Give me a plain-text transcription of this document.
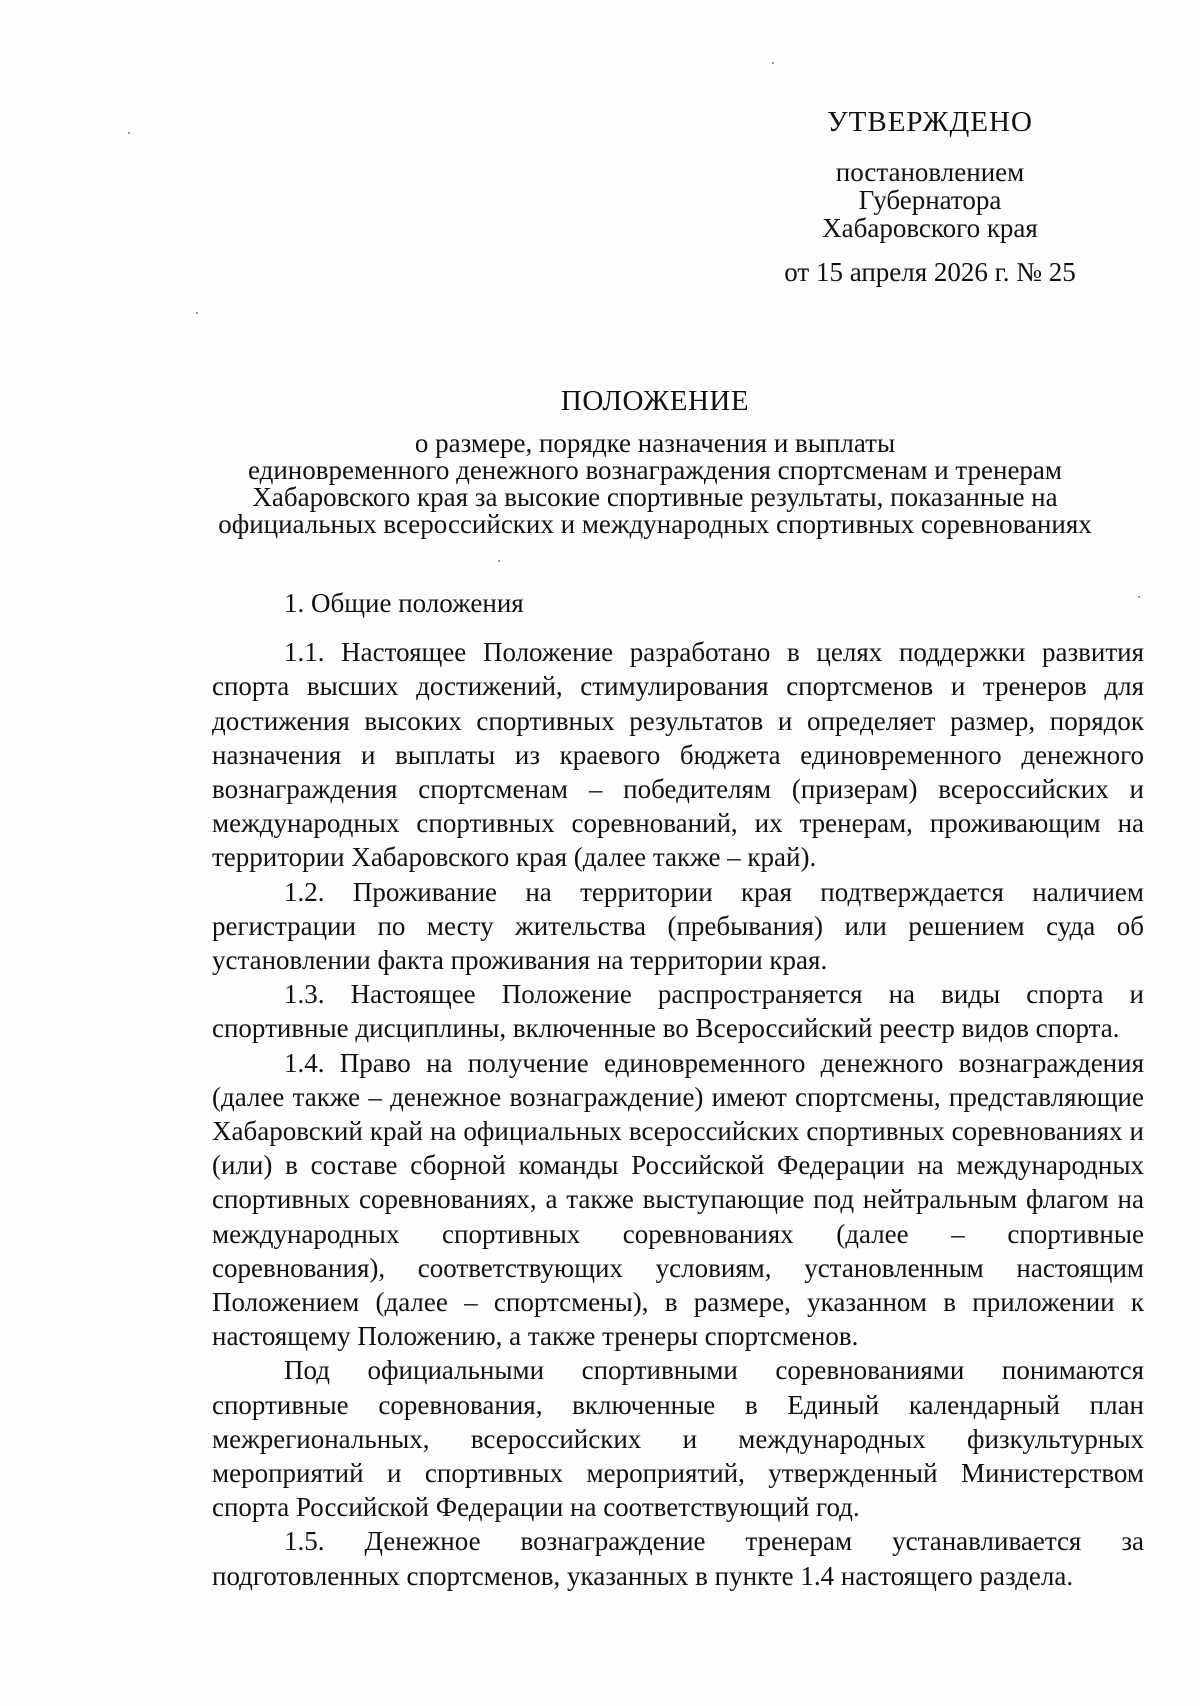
УТВЕРЖДЕНО
постановлением
Губернатора
Хабаровского края
от 15 апреля 2026 г. № 25
ПОЛОЖЕНИЕ
о размере, порядке назначения и выплаты
единовременного денежного вознаграждения спортсменам и тренерам
Хабаровского края за высокие спортивные результаты, показанные на
официальных всероссийских и международных спортивных соревнованиях
1. Общие положения

1.1. Настоящее Положение разработано в целях поддержки развития спорта высших достижений, стимулирования спортсменов и тренеров для достижения высоких спортивных результатов и определяет размер, порядок назначения и выплаты из краевого бюджета единовременного денежного вознаграждения спортсменам – победителям (призерам) всероссийских и международных спортивных соревнований, их тренерам, проживающим на территории Хабаровского края (далее также – край).

1.2. Проживание на территории края подтверждается наличием регистрации по месту жительства (пребывания) или решением суда об установлении факта проживания на территории края.

1.3. Настоящее Положение распространяется на виды спорта и спортивные дисциплины, включенные во Всероссийский реестр видов спорта.

1.4. Право на получение единовременного денежного вознаграждения (далее также – денежное вознаграждение) имеют спортсмены, представляющие Хабаровский край на официальных всероссийских спортивных соревнованиях и (или) в составе сборной команды Российской Федерации на международных спортивных соревнованиях, а также выступающие под нейтральным флагом на международных спортивных соревнованиях (далее – спортивные соревнования), соответствующих условиям, установленным настоящим Положением (далее – спортсмены), в размере, указанном в приложении к настоящему Положению, а также тренеры спортсменов.

Под официальными спортивными соревнованиями понимаются спортивные соревнования, включенные в Единый календарный план межрегиональных, всероссийских и международных физкультурных мероприятий и спортивных мероприятий, утвержденный Министерством спорта Российской Федерации на соответствующий год.

1.5. Денежное вознаграждение тренерам устанавливается за подготовленных спортсменов, указанных в пункте 1.4 настоящего раздела.
